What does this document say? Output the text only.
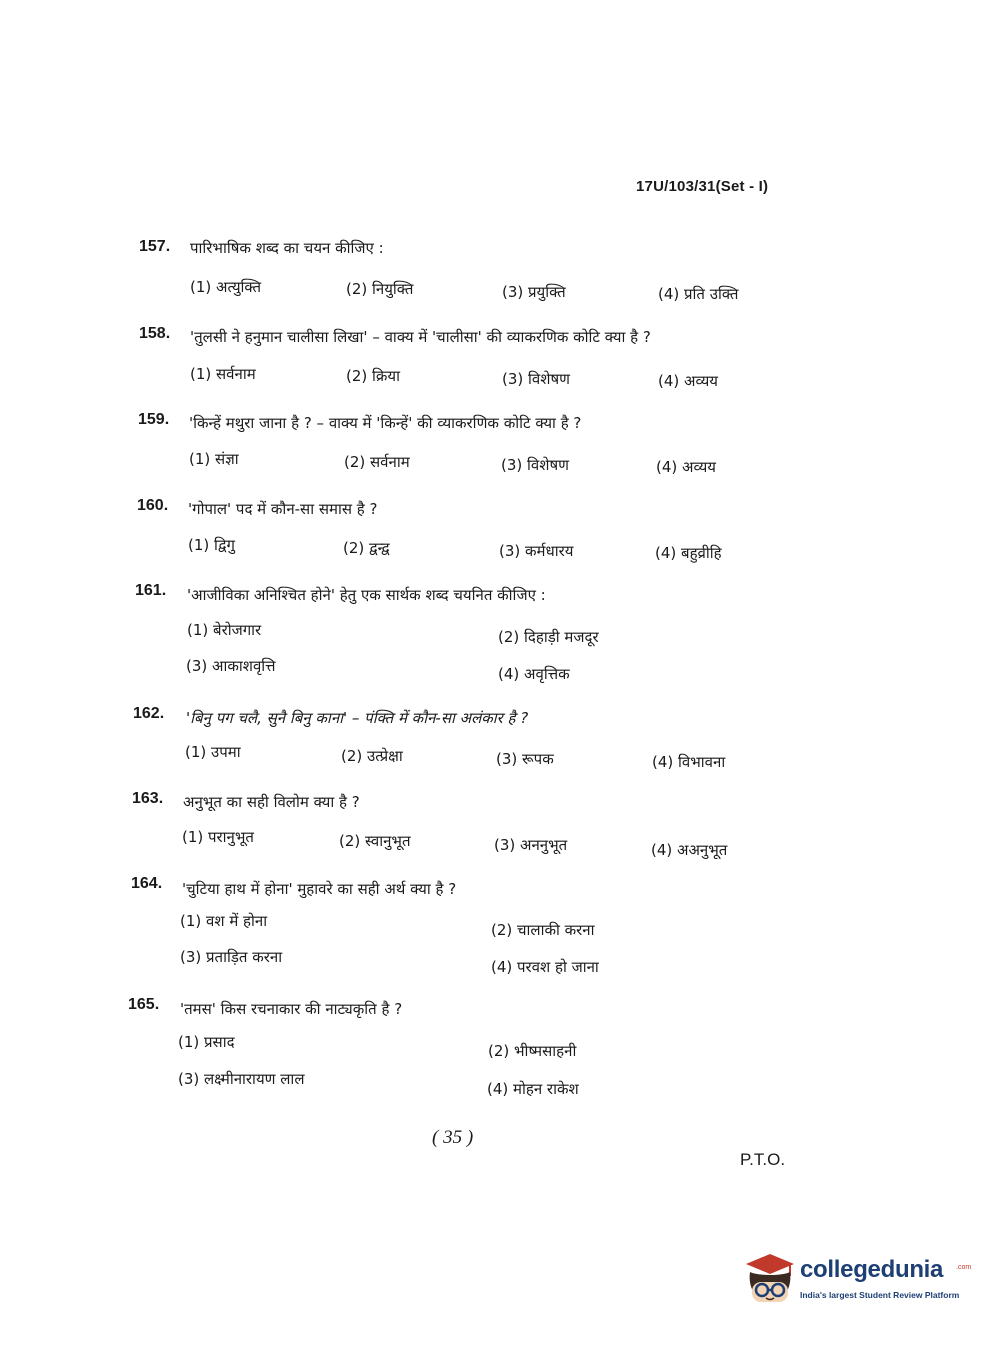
17U/103/31(Set - I)
157. पारिभाषिक शब्द का चयन कीजिए :
(1) अत्युक्ति	(2) नियुक्ति	(3) प्रयुक्ति	(4) प्रति उक्ति
158. 'तुलसी ने हनुमान चालीसा लिखा' – वाक्य में 'चालीसा' की व्याकरणिक कोटि क्या है ?
(1) सर्वनाम	(2) क्रिया	(3) विशेषण	(4) अव्यय
159. 'किन्हें मथुरा जाना है ? – वाक्य में 'किन्हें' की व्याकरणिक कोटि क्या है ?
(1) संज्ञा	(2) सर्वनाम	(3) विशेषण	(4) अव्यय
160. 'गोपाल' पद में कौन-सा समास है ?
(1) द्विगु	(2) द्वन्द्व	(3) कर्मधारय	(4) बहुव्रीहि
161. 'आजीविका अनिश्चित होने' हेतु एक सार्थक शब्द चयनित कीजिए :
(1) बेरोजगार	(2) दिहाड़ी मजदूर
(3) आकाशवृत्ति	(4) अवृत्तिक
162. 'बिनु पग चलै, सुनै बिनु काना' – पंक्ति में कौन-सा अलंकार है ?
(1) उपमा	(2) उत्प्रेक्षा	(3) रूपक	(4) विभावना
163. अनुभूत का सही विलोम क्या है ?
(1) परानुभूत	(2) स्वानुभूत	(3) अननुभूत	(4) अअनुभूत
164. 'चुटिया हाथ में होना' मुहावरे का सही अर्थ क्या है ?
(1) वश में होना	(2) चालाकी करना
(3) प्रताड़ित करना
(4) परवश हो जाना
165. 'तमस' किस रचनाकार की नाट्यकृति है ?
(1) प्रसाद	(2) भीष्मसाहनी
(3) लक्ष्मीनारायण लाल
(4) मोहन राकेश
( 35 )
P.T.O.
collegedunia .com
India's largest Student Review Platform
